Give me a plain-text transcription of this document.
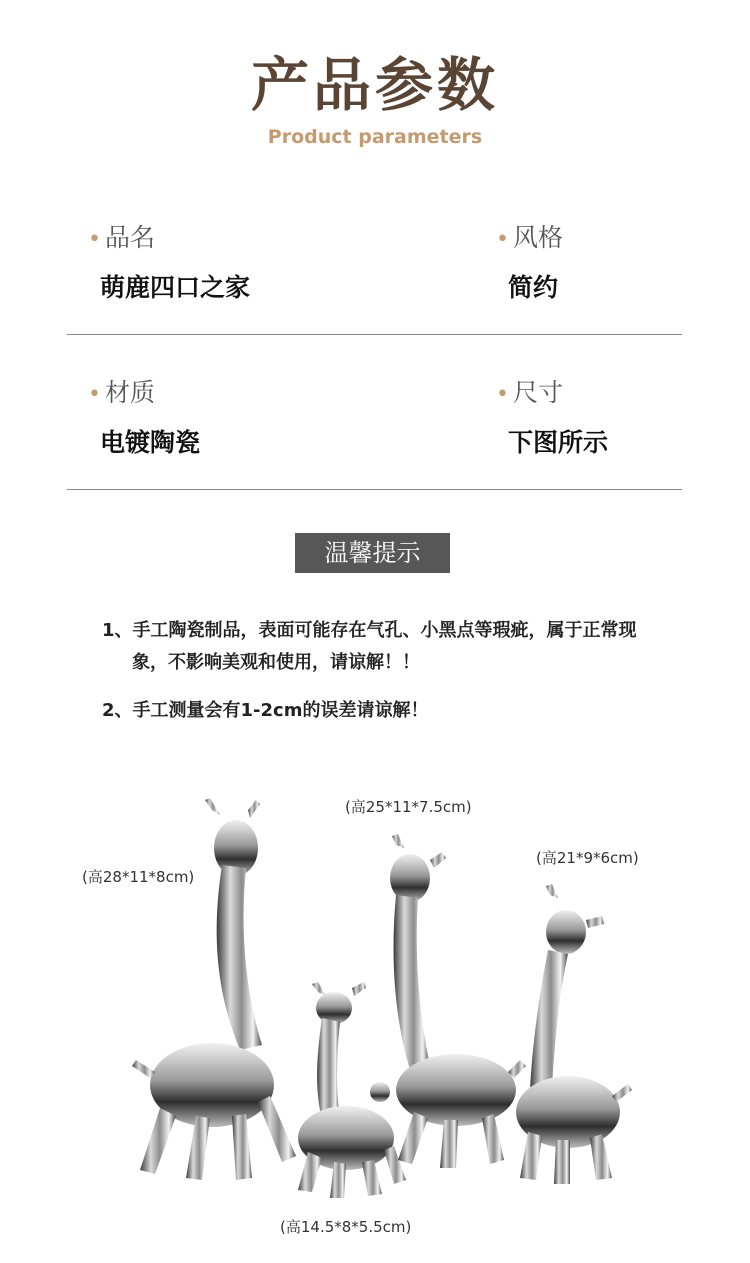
产品参数
Product parameters
• 品名
萌鹿四口之家
• 风格
简约
• 材质
电镀陶瓷
• 尺寸
下图所示
温馨提示
1、手工陶瓷制品，表面可能存在气孔、小黑点等瑕疵，属于正常现
象，不影响美观和使用，请谅解！！
2、手工测量会有1-2cm的误差请谅解！
(高28*11*8cm)
(高25*11*7.5cm)
(高21*9*6cm)
(高14.5*8*5.5cm)
